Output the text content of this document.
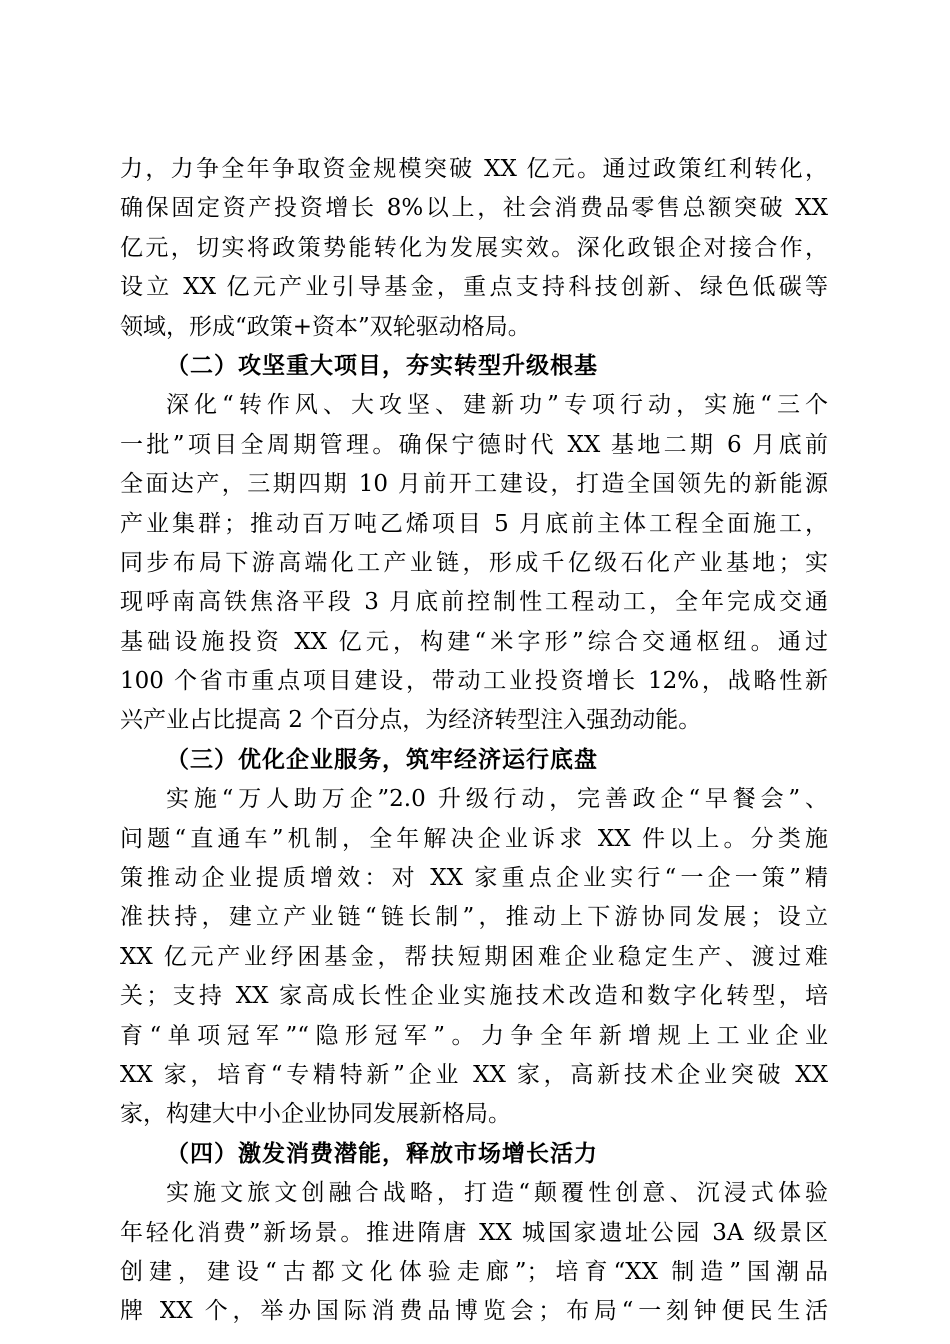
力，力争全年争取资金规模突破 XX 亿元。通过政策红利转化，
确保固定资产投资增长 8%以上，社会消费品零售总额突破 XX
亿元，切实将政策势能转化为发展实效。深化政银企对接合作，
设立 XX 亿元产业引导基金，重点支持科技创新、绿色低碳等
领域，形成“政策+资本”双轮驱动格局。
（二）攻坚重大项目，夯实转型升级根基
深化“转作风、大攻坚、建新功”专项行动，实施“三个
一批”项目全周期管理。确保宁德时代 XX 基地二期 6 月底前
全面达产，三期四期 10 月前开工建设，打造全国领先的新能源
产业集群；推动百万吨乙烯项目 5 月底前主体工程全面施工，
同步布局下游高端化工产业链，形成千亿级石化产业基地；实
现呼南高铁焦洛平段 3 月底前控制性工程动工，全年完成交通
基础设施投资 XX 亿元，构建“米字形”综合交通枢纽。通过
100 个省市重点项目建设，带动工业投资增长 12%，战略性新
兴产业占比提高 2 个百分点，为经济转型注入强劲动能。
（三）优化企业服务，筑牢经济运行底盘
实施“万人助万企”2.0 升级行动，完善政企“早餐会”、
问题“直通车”机制，全年解决企业诉求 XX 件以上。分类施
策推动企业提质增效：对 XX 家重点企业实行“一企一策”精
准扶持，建立产业链“链长制”，推动上下游协同发展；设立
XX 亿元产业纾困基金，帮扶短期困难企业稳定生产、渡过难
关；支持 XX 家高成长性企业实施技术改造和数字化转型，培
育“单项冠军”“隐形冠军”。力争全年新增规上工业企业
XX 家，培育“专精特新”企业 XX 家，高新技术企业突破 XX
家，构建大中小企业协同发展新格局。
（四）激发消费潜能，释放市场增长活力
实施文旅文创融合战略，打造“颠覆性创意、沉浸式体验
年轻化消费”新场景。推进隋唐 XX 城国家遗址公园 3A 级景区
创建，建设“古都文化体验走廊”；培育“XX 制造”国潮品
牌 XX 个，举办国际消费品博览会；布局“一刻钟便民生活
